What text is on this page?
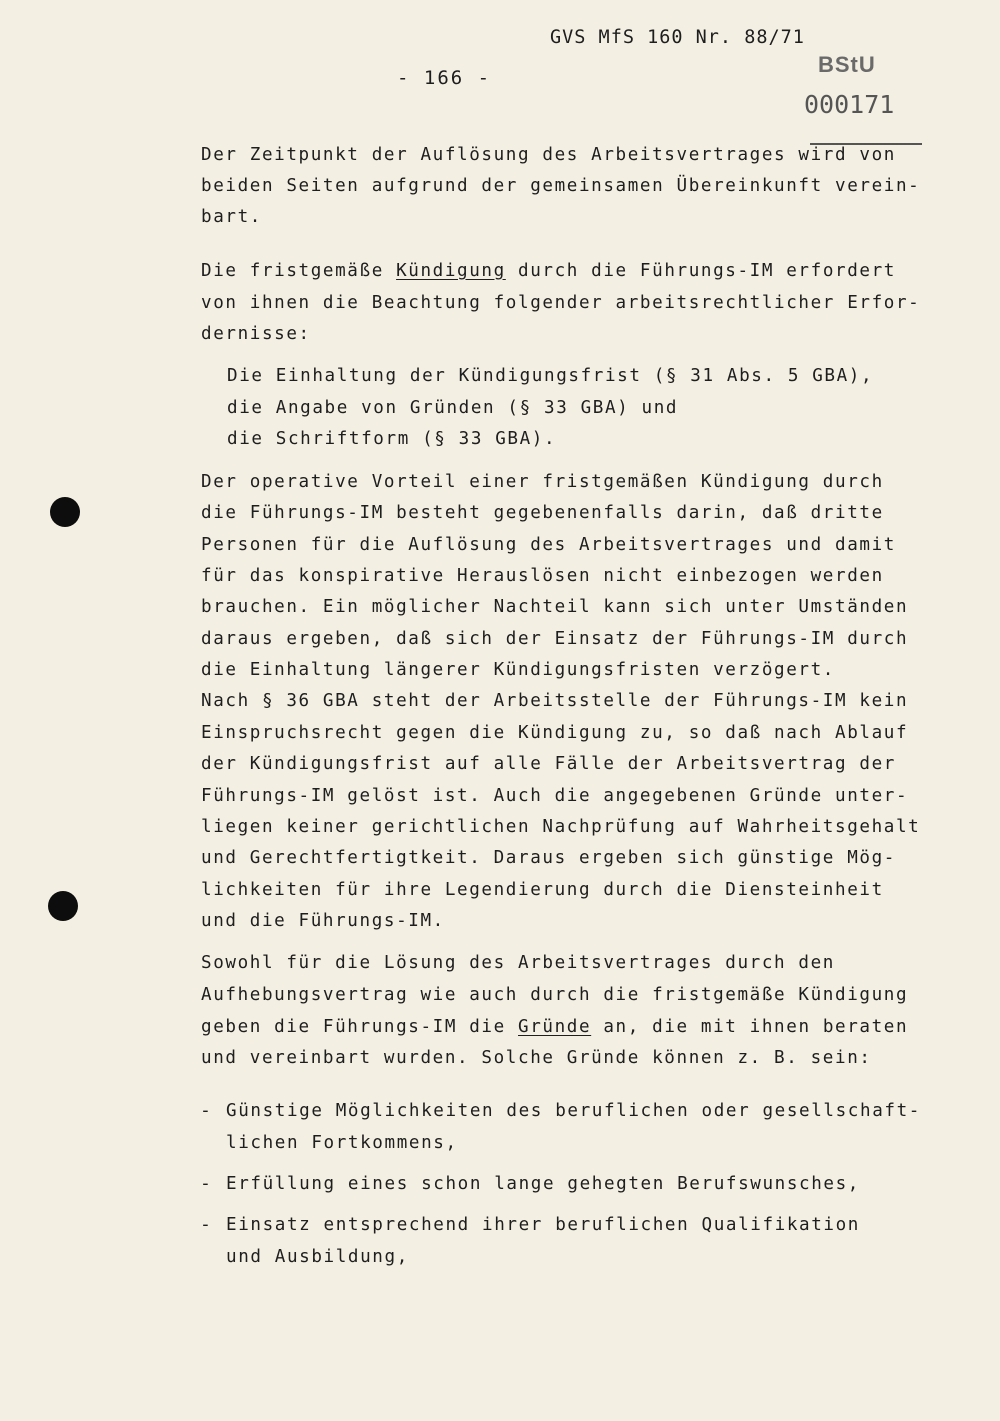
GVS MfS 160 Nr. 88/71
- 166 -
BStU
000171
Der Zeitpunkt der Auflösung des Arbeitsvertrages wird von
beiden Seiten aufgrund der gemeinsamen Übereinkunft verein-
bart.
Die fristgemäße Kündigung durch die Führungs-IM erfordert
von ihnen die Beachtung folgender arbeitsrechtlicher Erfor-
dernisse:
Die Einhaltung der Kündigungsfrist (§ 31 Abs. 5 GBA),
die Angabe von Gründen (§ 33 GBA) und
die Schriftform (§ 33 GBA).
Der operative Vorteil einer fristgemäßen Kündigung durch
die Führungs-IM besteht gegebenenfalls darin, daß dritte
Personen für die Auflösung des Arbeitsvertrages und damit
für das konspirative Herauslösen nicht einbezogen werden
brauchen. Ein möglicher Nachteil kann sich unter Umständen
daraus ergeben, daß sich der Einsatz der Führungs-IM durch
die Einhaltung längerer Kündigungsfristen verzögert.
Nach § 36 GBA steht der Arbeitsstelle der Führungs-IM kein
Einspruchsrecht gegen die Kündigung zu, so daß nach Ablauf
der Kündigungsfrist auf alle Fälle der Arbeitsvertrag der
Führungs-IM gelöst ist. Auch die angegebenen Gründe unter-
liegen keiner gerichtlichen Nachprüfung auf Wahrheitsgehalt
und Gerechtfertigtkeit. Daraus ergeben sich günstige Mög-
lichkeiten für ihre Legendierung durch die Diensteinheit
und die Führungs-IM.
Sowohl für die Lösung des Arbeitsvertrages durch den
Aufhebungsvertrag wie auch durch die fristgemäße Kündigung
geben die Führungs-IM die Gründe an, die mit ihnen beraten
und vereinbart wurden. Solche Gründe können z. B. sein:
- Günstige Möglichkeiten des beruflichen oder gesellschaft-
lichen Fortkommens,
- Erfüllung eines schon lange gehegten Berufswunsches,
- Einsatz entsprechend ihrer beruflichen Qualifikation
und Ausbildung,
